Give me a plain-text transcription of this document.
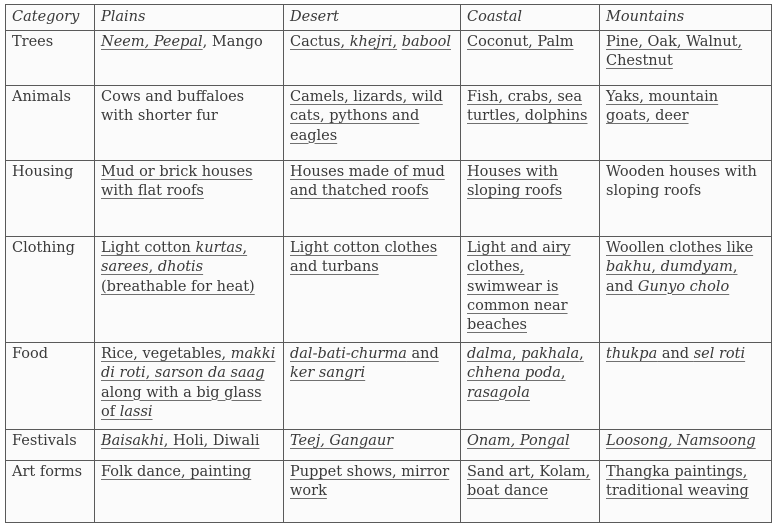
Category	Plains	Desert	Coastal	Mountains
Trees	Neem, Peepal, Mango	Cactus, khejri, babool	Coconut, Palm	Pine, Oak, Walnut, Chestnut
Animals	Cows and buffaloes with shorter fur	Camels, lizards, wild cats, pythons and eagles	Fish, crabs, sea turtles, dolphins	Yaks, mountain goats, deer
Housing	Mud or brick houses with flat roofs	Houses made of mud and thatched roofs	Houses with sloping roofs	Wooden houses with sloping roofs
Clothing	Light cotton kurtas, sarees, dhotis (breathable for heat)	Light cotton clothes and turbans	Light and airy clothes, swimwear is common near beaches	Woollen clothes like bakhu, dumdyam, and Gunyo cholo
Food	Rice, vegetables, makki di roti, sarson da saag along with a big glass of lassi	dal-bati-churma and ker sangri	dalma, pakhala, chhena poda, rasagola	thukpa and sel roti
Festivals	Baisakhi, Holi, Diwali	Teej, Gangaur	Onam, Pongal	Loosong, Namsoong
Art forms	Folk dance, painting	Puppet shows, mirror work	Sand art, Kolam, boat dance	Thangka paintings, traditional weaving
